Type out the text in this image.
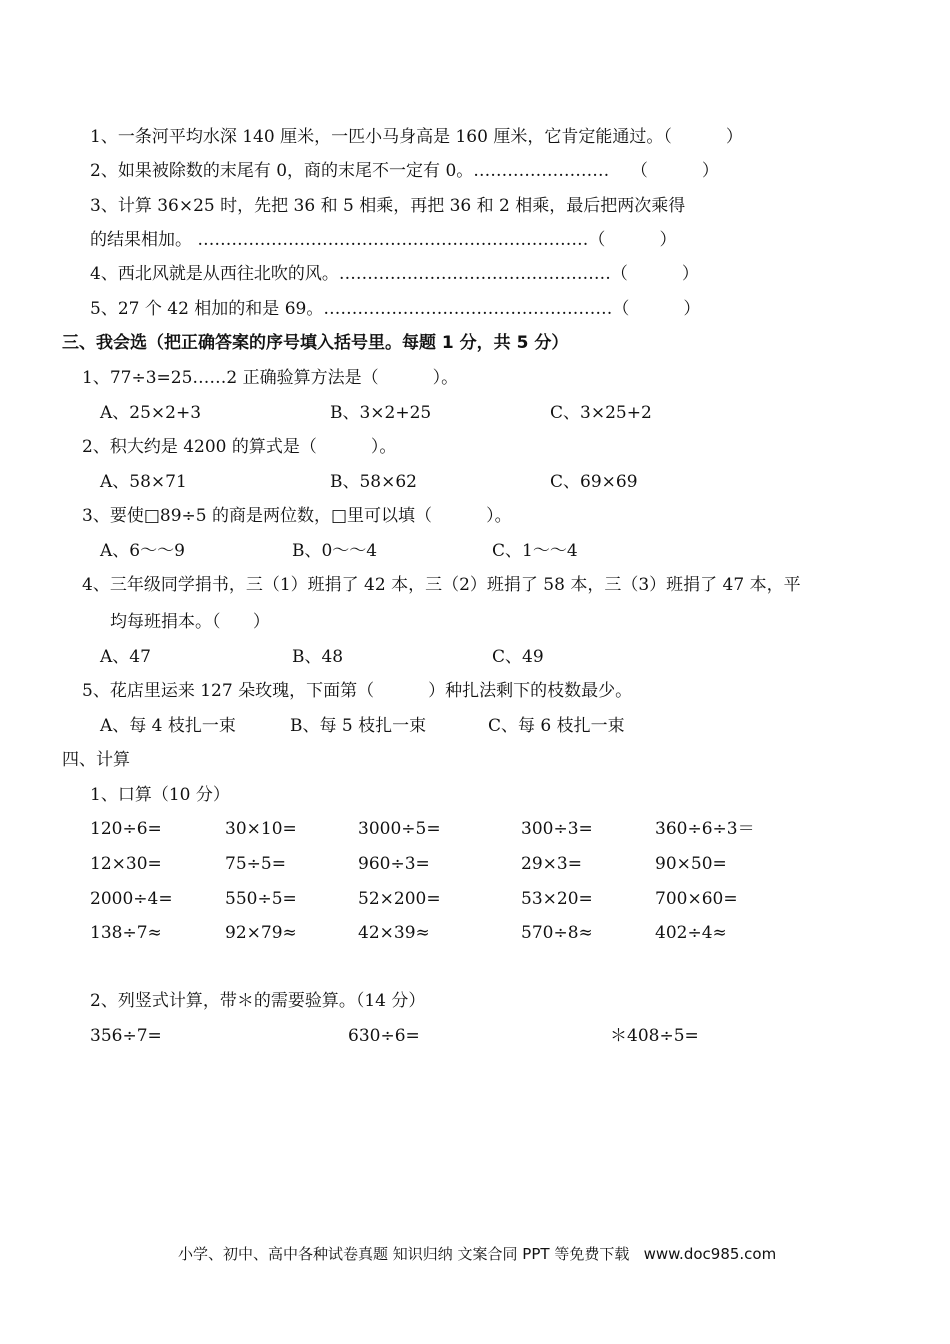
1、一条河平均水深 140 厘米，一匹小马身高是 160 厘米，它肯定能通过。（          ）
2、如果被除数的末尾有 0，商的末尾不一定有 0。……………………    （          ）
3、计算 36×25 时，先把 36 和 5 相乘，再把 36 和 2 相乘，最后把两次乘得
的结果相加。 ……………………………………………………………（          ）
4、西北风就是从西往北吹的风。…………………………………………（          ）
5、27 个 42 相加的和是 69。……………………………………………（          ）
三、我会选（把正确答案的序号填入括号里。每题 1 分，共 5 分）
1、77÷3=25……2 正确验算方法是（          ）。
A、25×2+3	B、3×2+25	C、3×25+2
2、积大约是 4200 的算式是（          ）。
A、58×71	B、58×62	C、69×69
3、要使□89÷5 的商是两位数，□里可以填（          ）。
A、6～～9	B、0～～4	C、1～～4
4、三年级同学捐书，三（1）班捐了 42 本，三（2）班捐了 58 本，三（3）班捐了 47 本，平
均每班捐本。（      ）
A、47	B、48	C、49
5、花店里运来 127 朵玫瑰，下面第（          ）种扎法剩下的枝数最少。
A、每 4 枝扎一束	B、每 5 枝扎一束	C、每 6 枝扎一束
四、计算
1、口算（10 分）
120÷6=	30×10=	3000÷5=	300÷3=	360÷6÷3＝
12×30=	75÷5=	960÷3=	29×3=	90×50=
2000÷4=	550÷5=	52×200=	53×20=	700×60=
138÷7≈	92×79≈	42×39≈	570÷8≈	402÷4≈
2、列竖式计算，带＊的需要验算。（14 分）
356÷7=	630÷6=	＊408÷5=
小学、初中、高中各种试卷真题 知识归纳 文案合同 PPT 等免费下载   www.doc985.com
